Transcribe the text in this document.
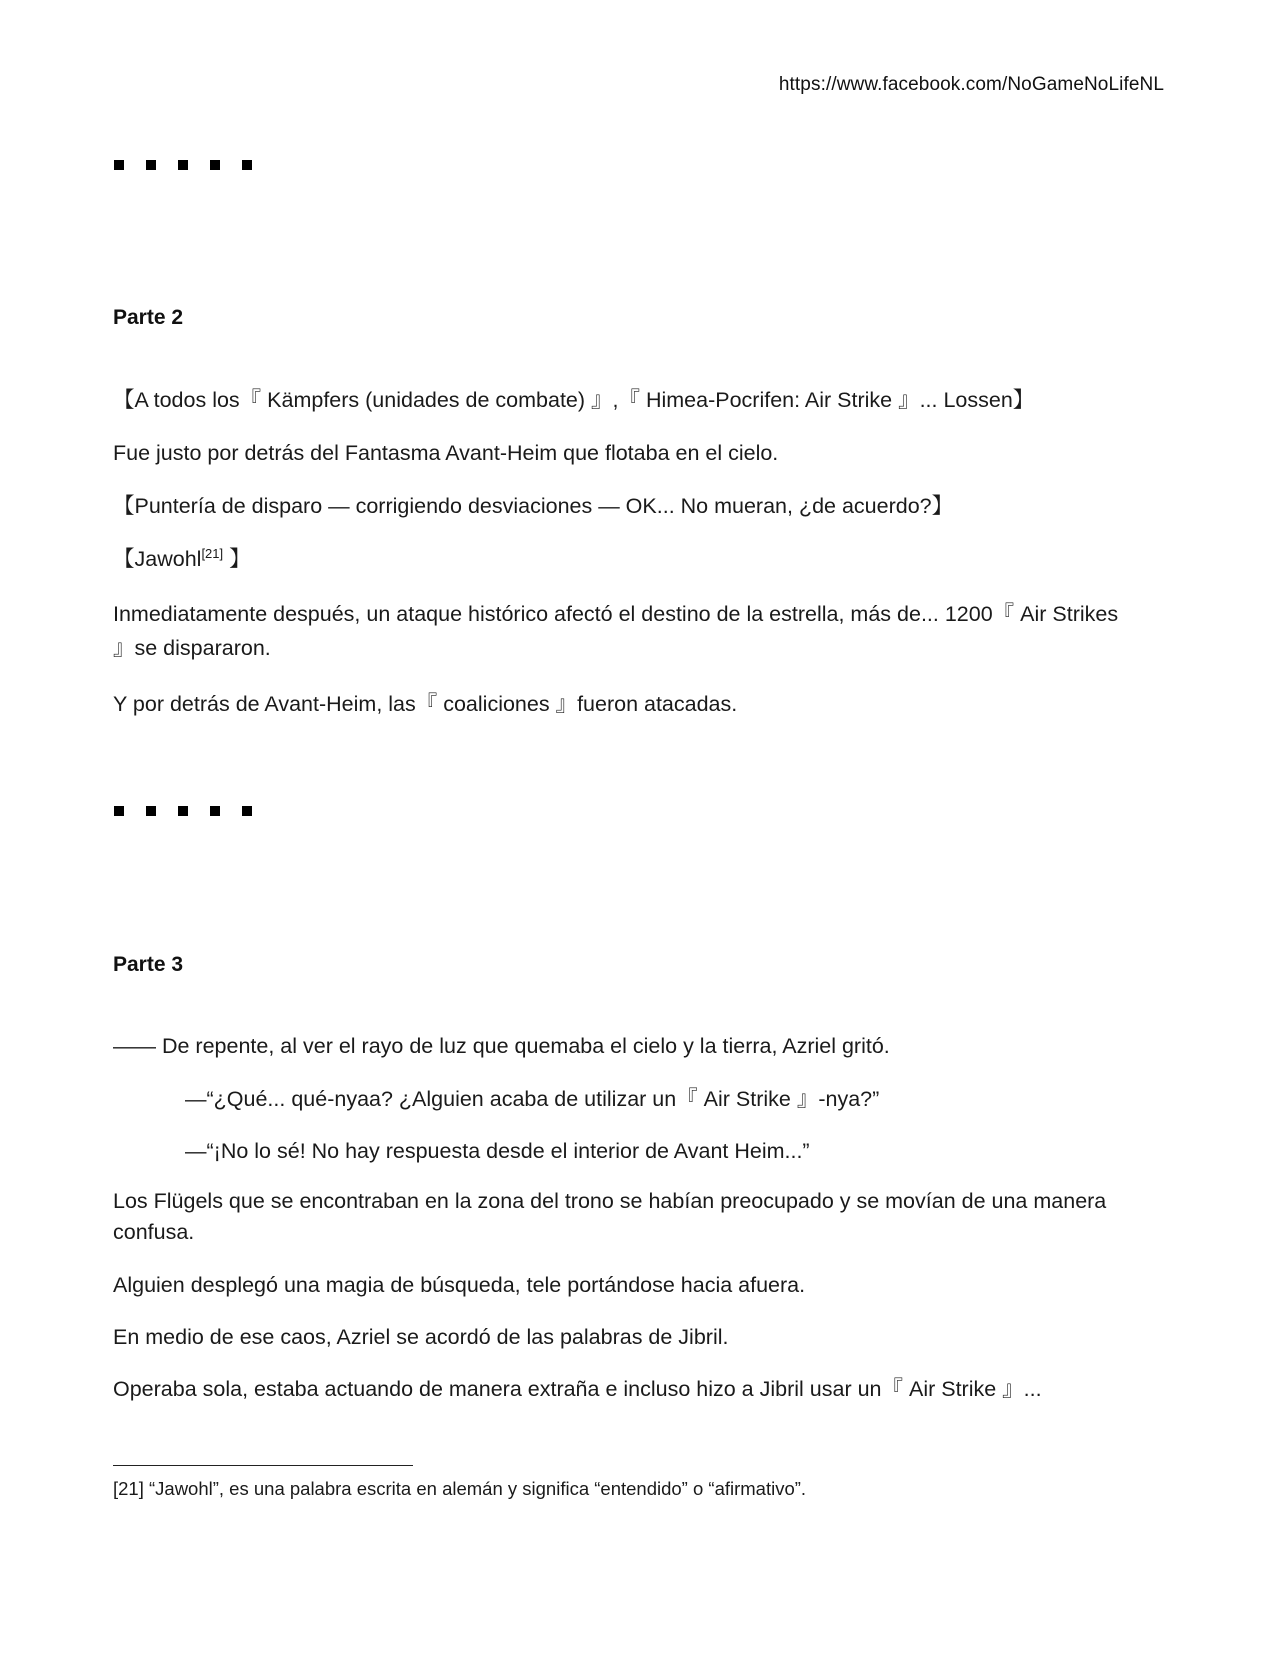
https://www.facebook.com/NoGameNoLifeNL
Parte 2

【A todos los『 Kämpfers (unidades de combate) 』,『 Himea-Pocrifen: Air Strike 』... Lossen】

Fue justo por detrás del Fantasma Avant-Heim que flotaba en el cielo.

【Puntería de disparo — corrigiendo desviaciones — OK... No mueran, ¿de acuerdo?】

【Jawohl[21] 】

Inmediatamente después, un ataque histórico afectó el destino de la estrella, más de... 1200『 Air Strikes 』se dispararon.

Y por detrás de Avant-Heim, las『 coaliciones 』fueron atacadas.

Parte 3

—— De repente, al ver el rayo de luz que quemaba el cielo y la tierra, Azriel gritó.

—“¿Qué... qué-nyaa? ¿Alguien acaba de utilizar un『 Air Strike 』-nya?”

—“¡No lo sé! No hay respuesta desde el interior de Avant Heim...”

Los Flügels que se encontraban en la zona del trono se habían preocupado y se movían de una manera confusa.

Alguien desplegó una magia de búsqueda, tele portándose hacia afuera.

En medio de ese caos, Azriel se acordó de las palabras de Jibril.

Operaba sola, estaba actuando de manera extraña e incluso hizo a Jibril usar un『 Air Strike 』...

[21] “Jawohl”, es una palabra escrita en alemán y significa “entendido” o “afirmativo”.
